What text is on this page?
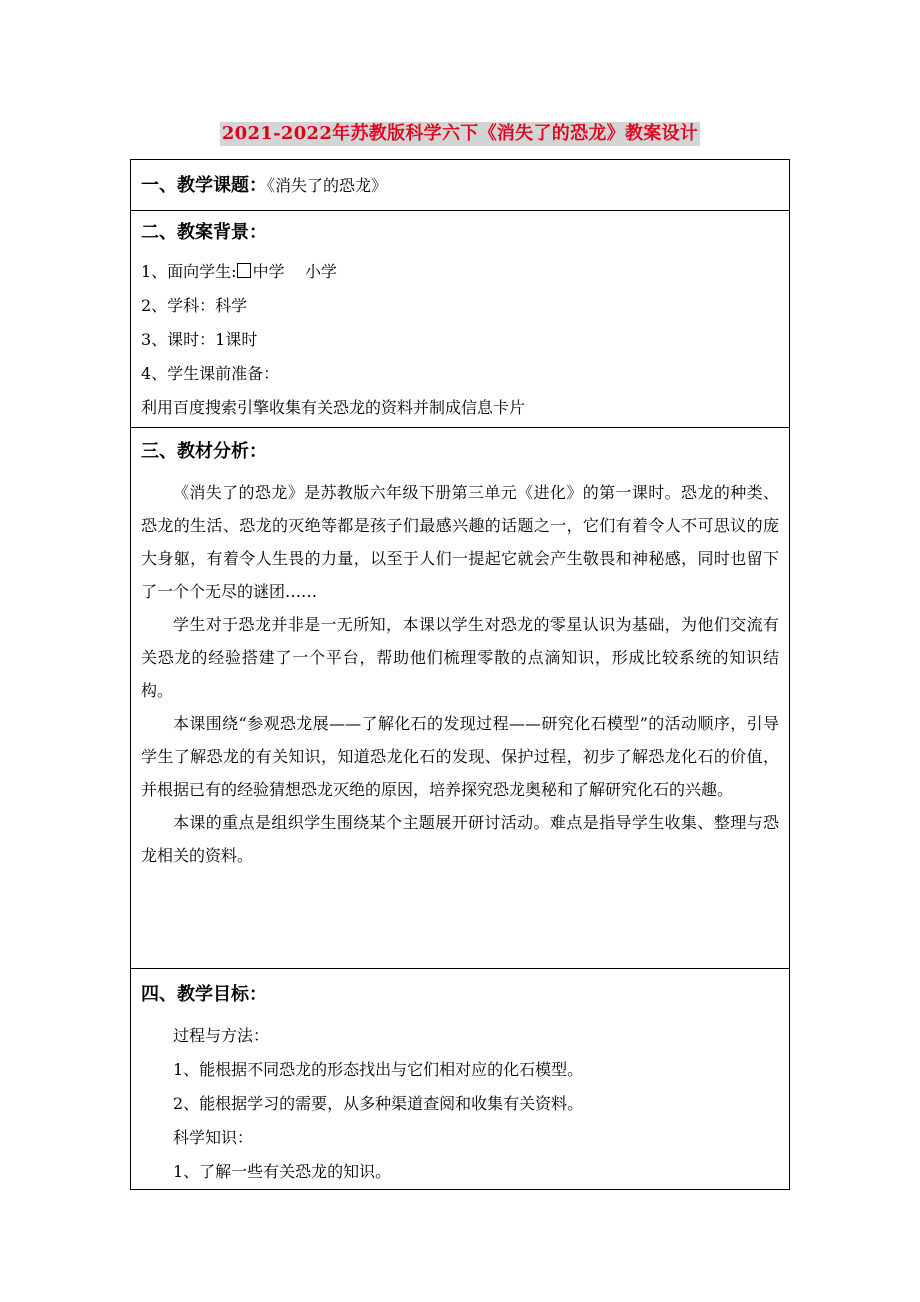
2021-2022年苏教版科学六下《消失了的恐龙》教案设计
一、教学课题：《消失了的恐龙》

二、教案背景：
1、面向学生: 中学 小学
2、学科：科学
3、课时：1课时
4、学生课前准备：
利用百度搜索引擎收集有关恐龙的资料并制成信息卡片

三、教材分析：

《消失了的恐龙》是苏教版六年级下册第三单元《进化》的第一课时。恐龙的种类、恐龙的生活、恐龙的灭绝等都是孩子们最感兴趣的话题之一，它们有着令人不可思议的庞大身躯，有着令人生畏的力量，以至于人们一提起它就会产生敬畏和神秘感，同时也留下了一个个无尽的谜团……

学生对于恐龙并非是一无所知，本课以学生对恐龙的零星认识为基础，为他们交流有关恐龙的经验搭建了一个平台，帮助他们梳理零散的点滴知识，形成比较系统的知识结构。

本课围绕“参观恐龙展——了解化石的发现过程——研究化石模型”的活动顺序，引导学生了解恐龙的有关知识，知道恐龙化石的发现、保护过程，初步了解恐龙化石的价值，并根据已有的经验猜想恐龙灭绝的原因，培养探究恐龙奥秘和了解研究化石的兴趣。

本课的重点是组织学生围绕某个主题展开研讨活动。难点是指导学生收集、整理与恐龙相关的资料。

四、教学目标：
过程与方法：
1、能根据不同恐龙的形态找出与它们相对应的化石模型。
2、能根据学习的需要，从多种渠道查阅和收集有关资料。
科学知识：
1、了解一些有关恐龙的知识。
